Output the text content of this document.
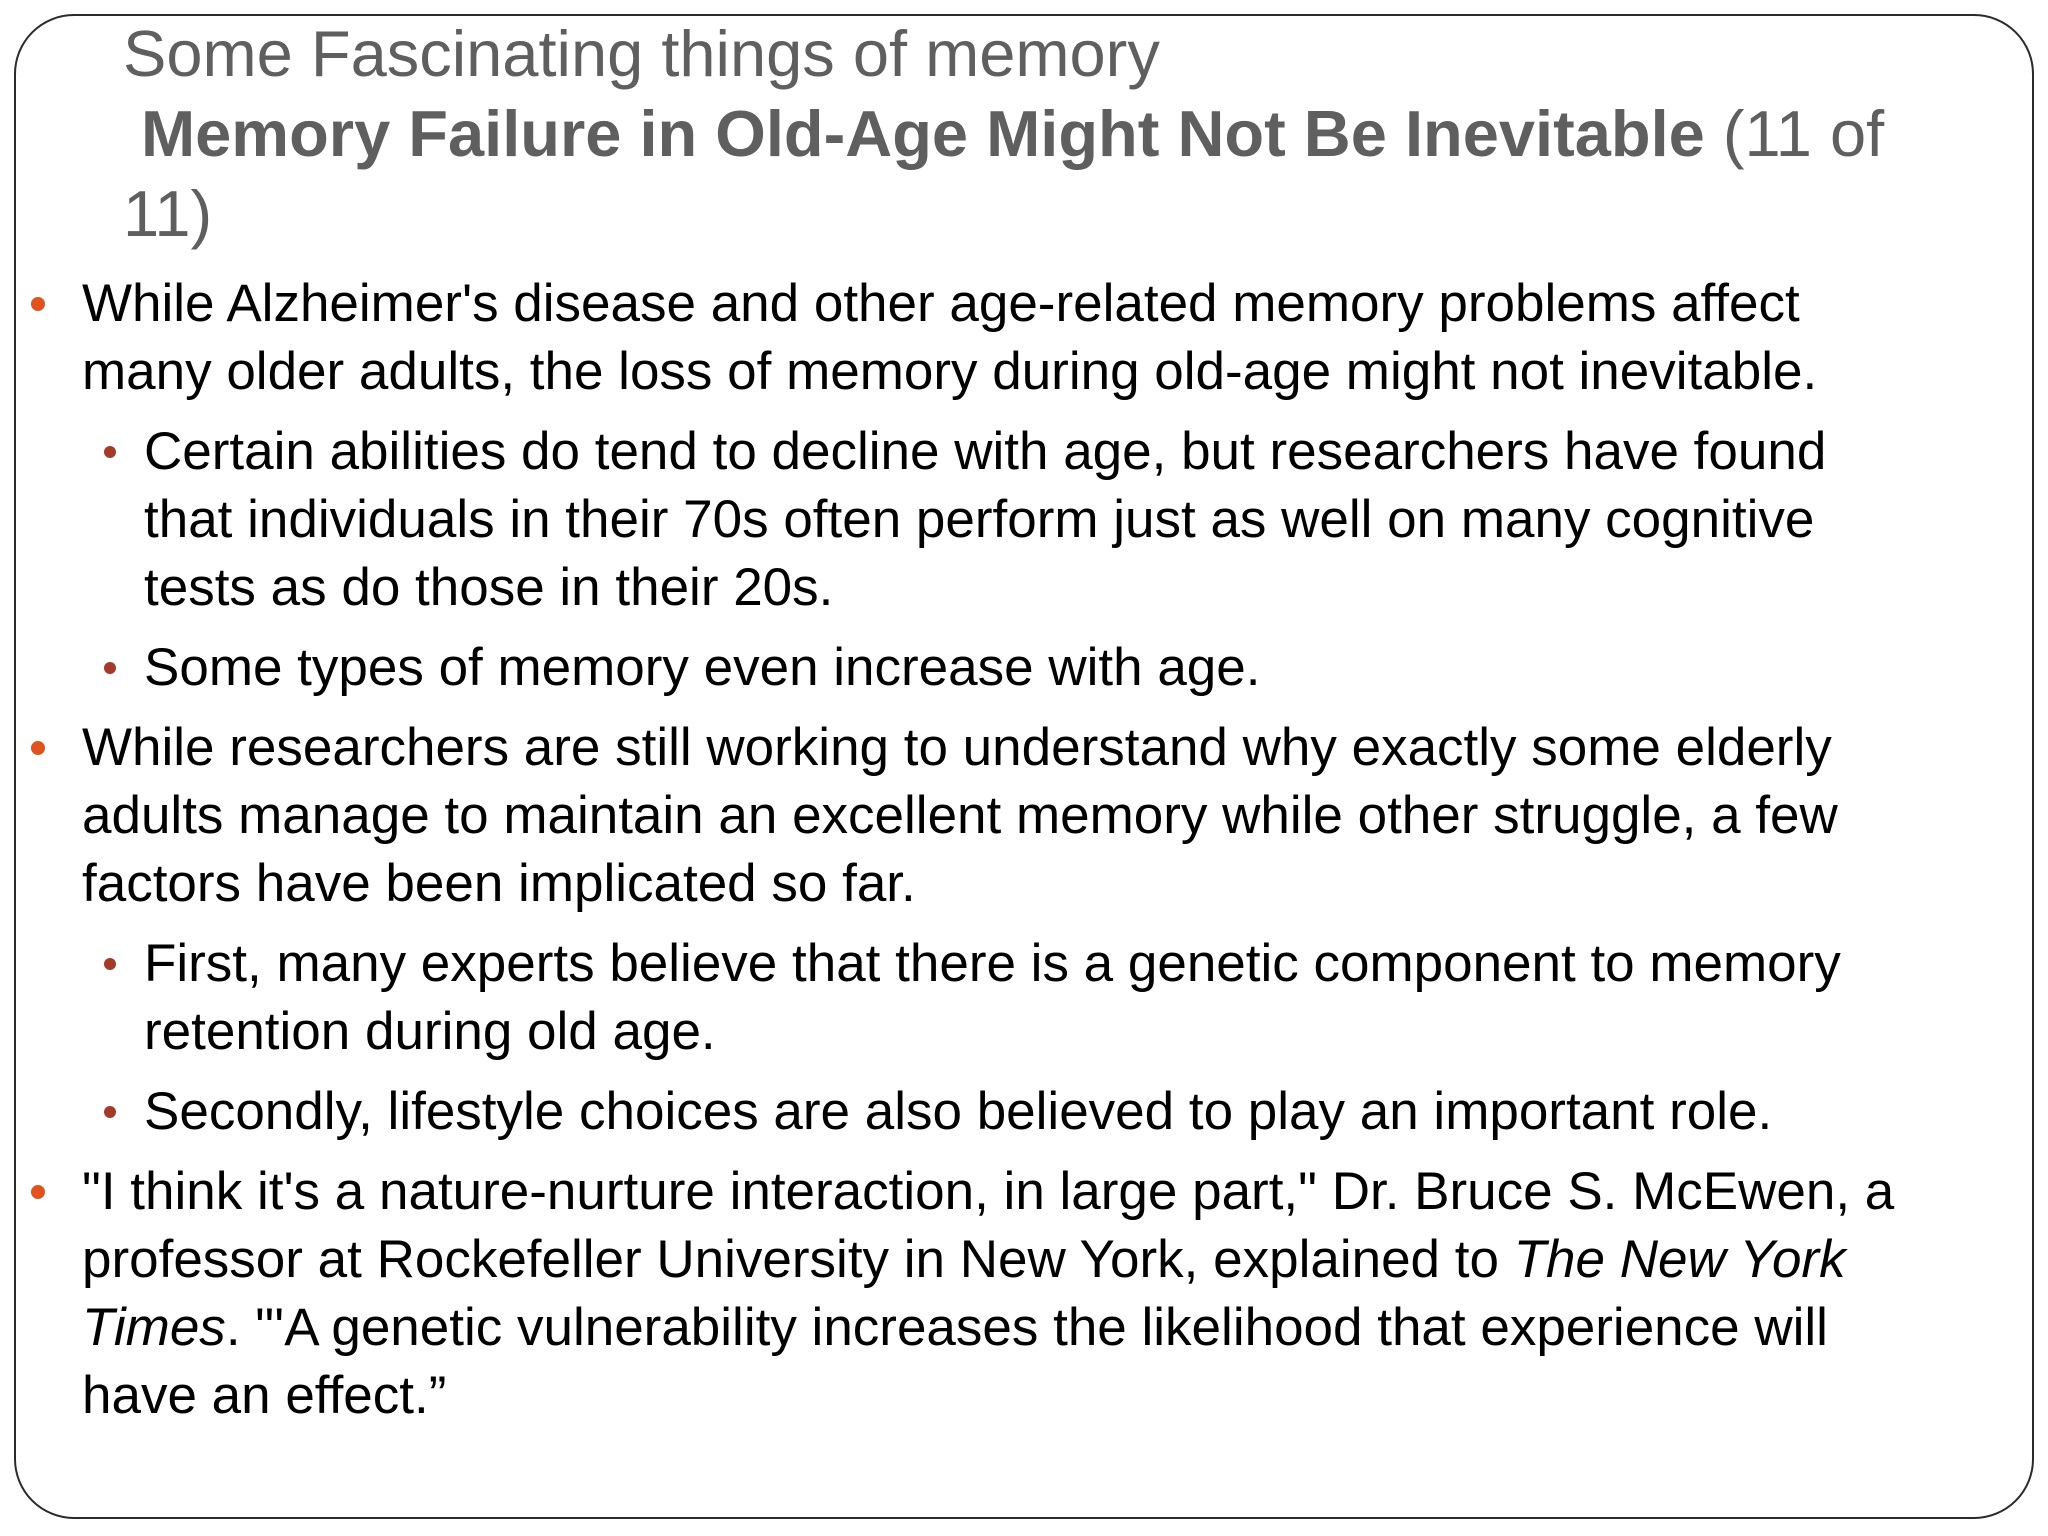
Some Fascinating things of memory
Memory Failure in Old-Age Might Not Be Inevitable (11 of 11)
While Alzheimer's disease and other age-related memory problems affect
many older adults, the loss of memory during old-age might not inevitable.
Certain abilities do tend to decline with age, but researchers have found
that individuals in their 70s often perform just as well on many cognitive
tests as do those in their 20s.
Some types of memory even increase with age.
While researchers are still working to understand why exactly some elderly
adults manage to maintain an excellent memory while other struggle, a few
factors have been implicated so far.
First, many experts believe that there is a genetic component to memory
retention during old age.
Secondly, lifestyle choices are also believed to play an important role.
"I think it's a nature-nurture interaction, in large part," Dr. Bruce S. McEwen, a
professor at Rockefeller University in New York, explained to The New York
Times. "'A genetic vulnerability increases the likelihood that experience will
have an effect.”
